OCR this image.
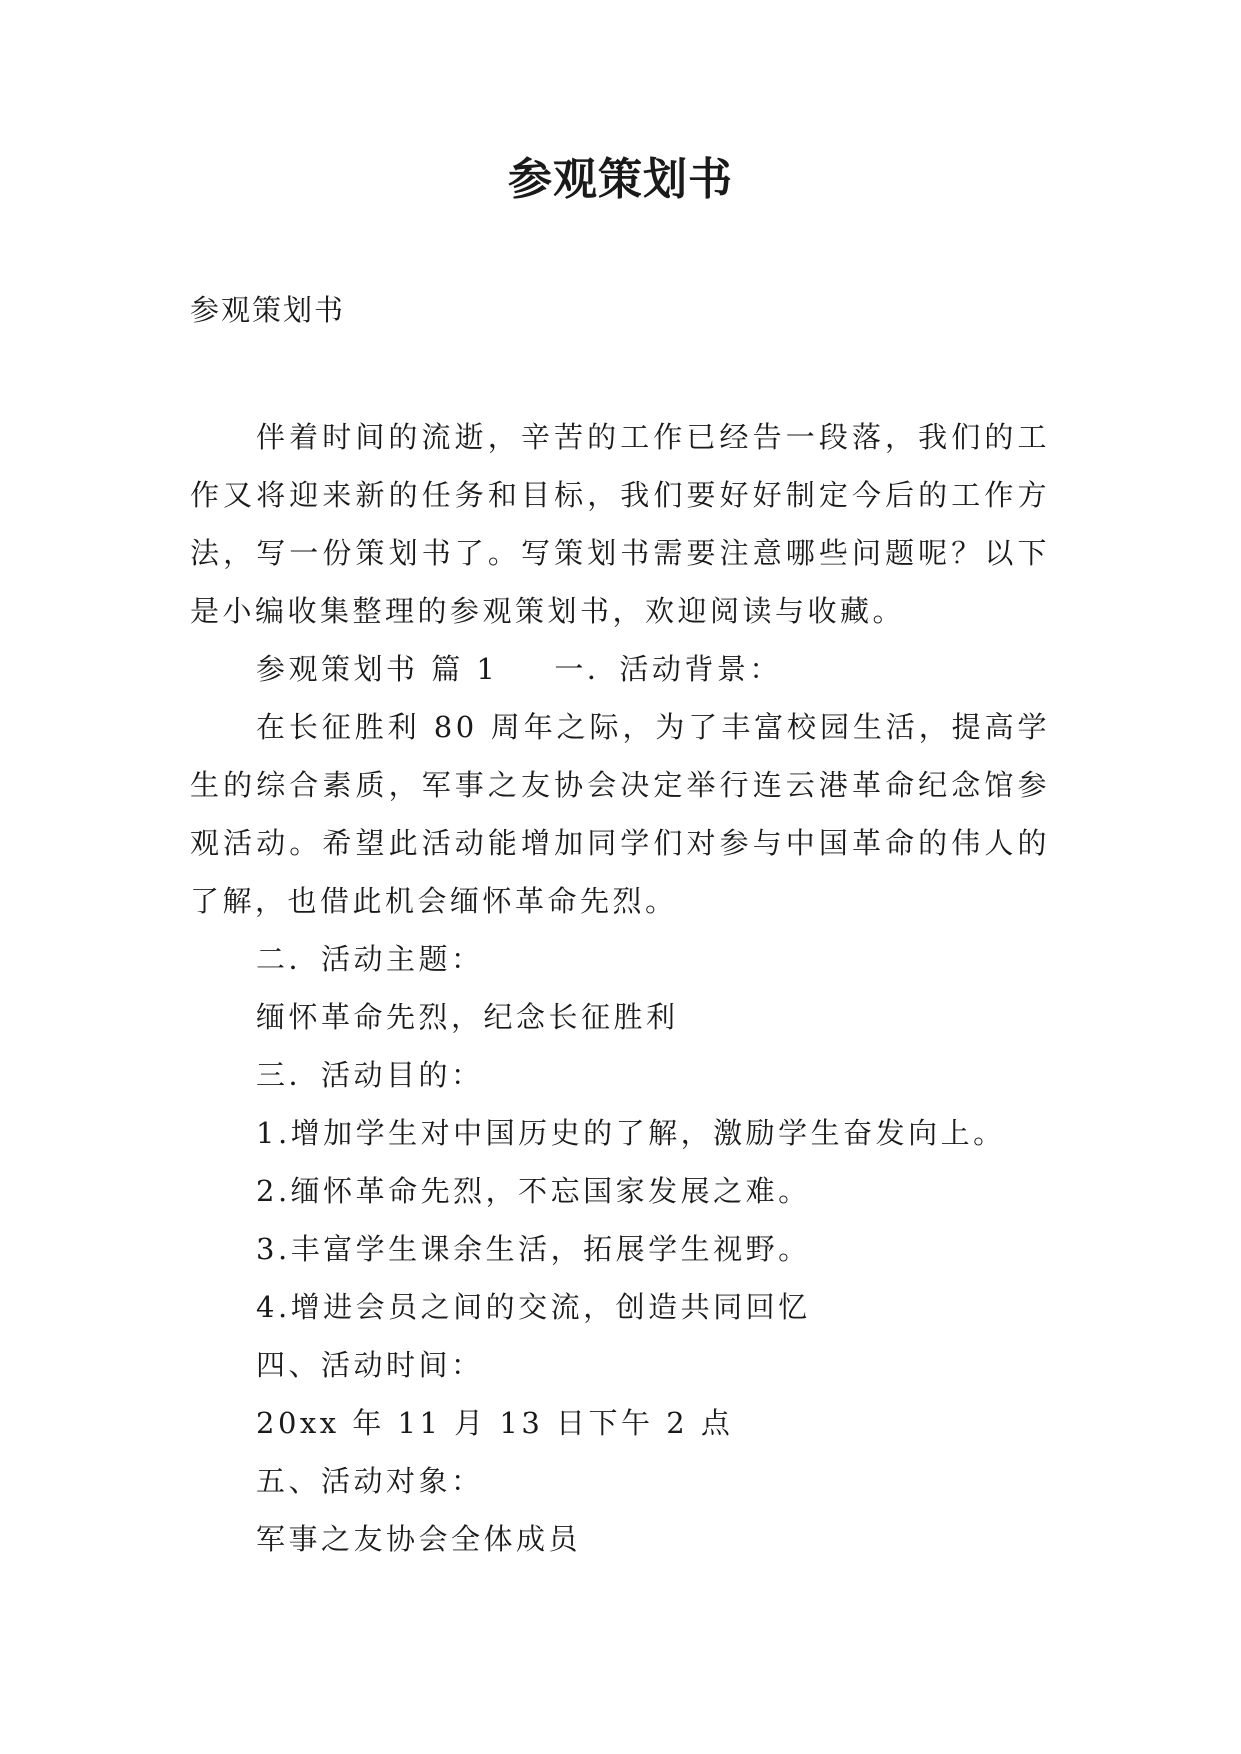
参观策划书

参观策划书

伴着时间的流逝，辛苦的工作已经告一段落，我们的工作又将迎来新的任务和目标，我们要好好制定今后的工作方法，写一份策划书了。写策划书需要注意哪些问题呢？以下是小编收集整理的参观策划书，欢迎阅读与收藏。

参观策划书 篇 1 一．活动背景：

在长征胜利 80 周年之际，为了丰富校园生活，提高学生的综合素质，军事之友协会决定举行连云港革命纪念馆参观活动。希望此活动能增加同学们对参与中国革命的伟人的了解，也借此机会缅怀革命先烈。

二．活动主题：

缅怀革命先烈，纪念长征胜利

三．活动目的：

1.增加学生对中国历史的了解，激励学生奋发向上。

2.缅怀革命先烈，不忘国家发展之难。

3.丰富学生课余生活，拓展学生视野。

4.增进会员之间的交流，创造共同回忆

四、活动时间：

20xx 年 11 月 13 日下午 2 点

五、活动对象：

军事之友协会全体成员
